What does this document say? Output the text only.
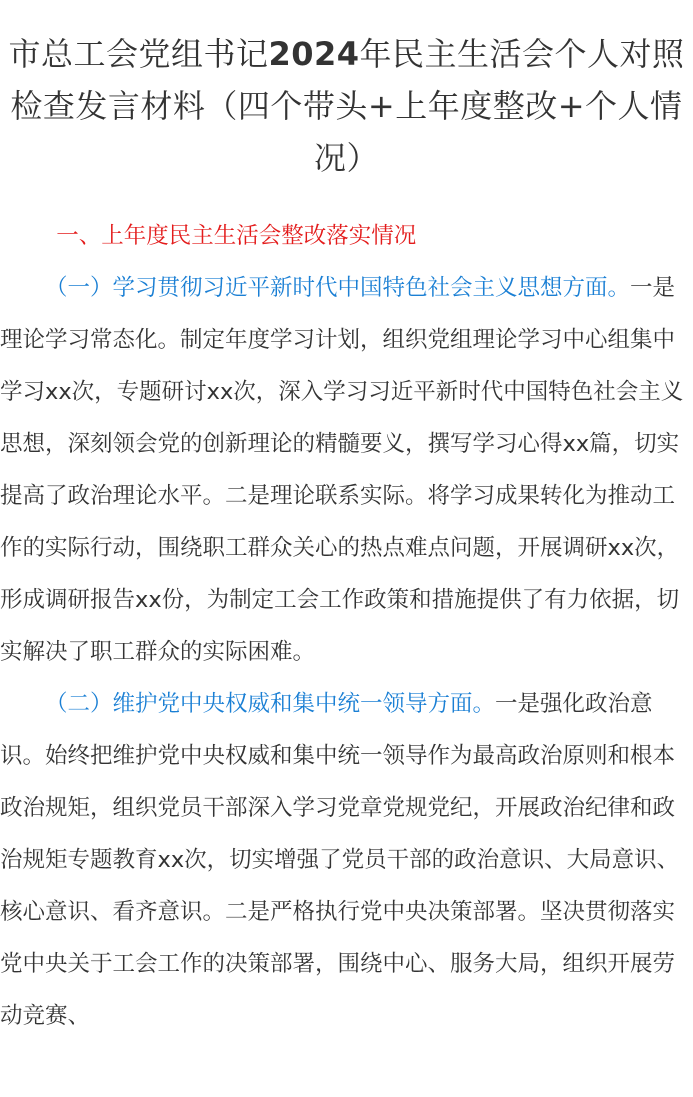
市总工会党组书记2024年民主生活会个人对照检查发言材料（四个带头+上年度整改+个人情况）

一、上年度民主生活会整改落实情况

（一）学习贯彻习近平新时代中国特色社会主义思想方面。一是理论学习常态化。制定年度学习计划，组织党组理论学习中心组集中学习xx次，专题研讨xx次，深入学习习近平新时代中国特色社会主义思想，深刻领会党的创新理论的精髓要义，撰写学习心得xx篇，切实提高了政治理论水平。二是理论联系实际。将学习成果转化为推动工作的实际行动，围绕职工群众关心的热点难点问题，开展调研xx次，形成调研报告xx份，为制定工会工作政策和措施提供了有力依据，切实解决了职工群众的实际困难。

（二）维护党中央权威和集中统一领导方面。一是强化政治意识。始终把维护党中央权威和集中统一领导作为最高政治原则和根本政治规矩，组织党员干部深入学习党章党规党纪，开展政治纪律和政治规矩专题教育xx次，切实增强了党员干部的政治意识、大局意识、核心意识、看齐意识。二是严格执行党中央决策部署。坚决贯彻落实党中央关于工会工作的决策部署，围绕中心、服务大局，组织开展劳动竞赛、
